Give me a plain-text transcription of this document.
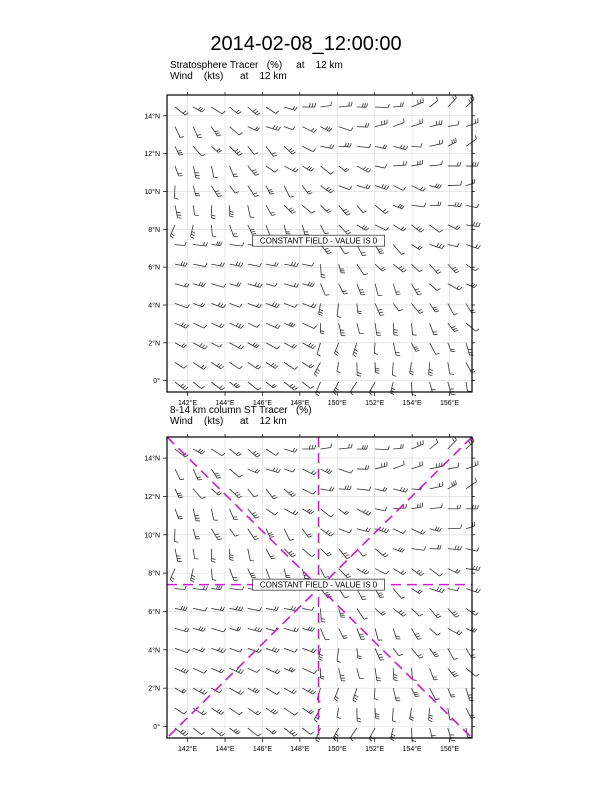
2014-02-08_12:00:00
Stratosphere Tracer   (%)     at    12 km
Wind    (kts)      at    12 km
CONSTANT FIELD - VALUE IS 0
142°E	144°E	146°E	148°E	150°E	152°E	154°E	156°E
14°N
12°N
10°N
8°N
6°N
4°N
2°N
0°
8-14 km column ST Tracer   (%)
Wind    (kts)      at    12 km
CONSTANT FIELD - VALUE IS 0
142°E	144°E	146°E	148°E	150°E	152°E	154°E	156°E
14°N
12°N
10°N
8°N
6°N
4°N
2°N
0°
